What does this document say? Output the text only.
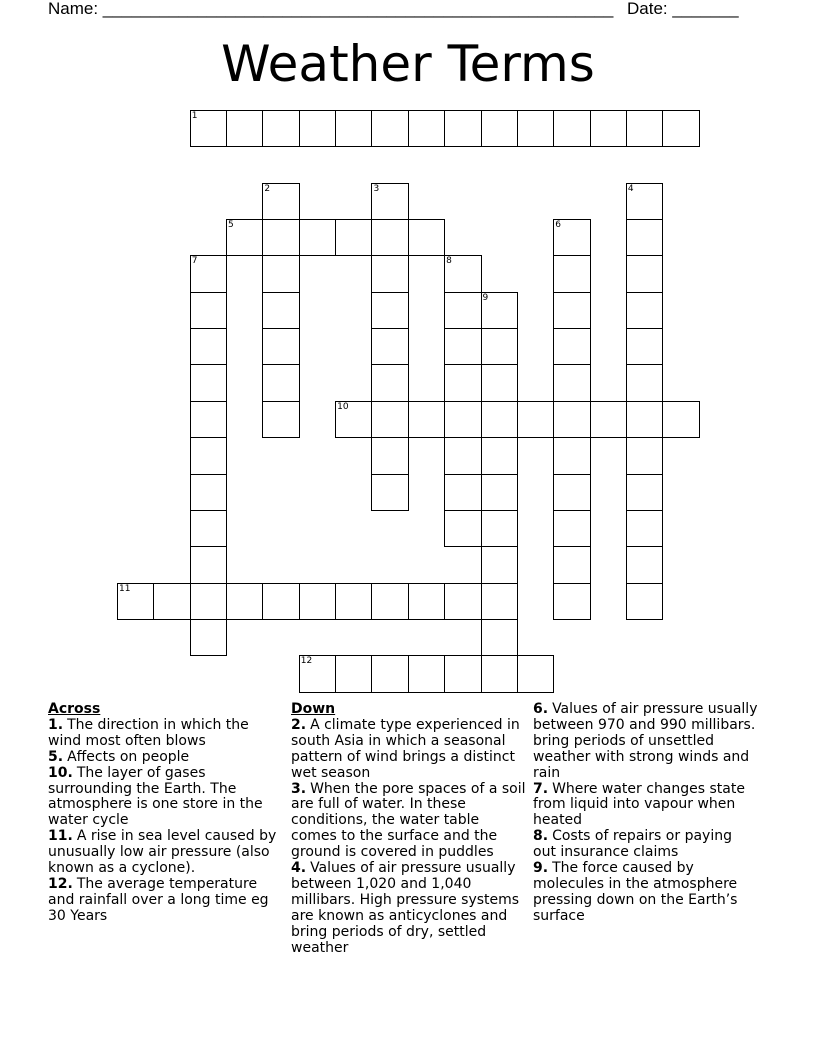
Name: ______________________________________________________ Date: _______
Weather Terms
1
2	3	4
5	6
7	8
9
10
11
12
Across
1. The direction in which the wind most often blows
5. Affects on people
10. The layer of gases surrounding the Earth. The atmosphere is one store in the water cycle
11. A rise in sea level caused by unusually low air pressure (also known as a cyclone).
12. The average temperature and rainfall over a long time eg 30 Years
Down
2. A climate type experienced in south Asia in which a seasonal pattern of wind brings a distinct wet season
3. When the pore spaces of a soil are full of water. In these conditions, the water table comes to the surface and the ground is covered in puddles
4. Values of air pressure usually between 1,020 and 1,040 millibars. High pressure systems are known as anticyclones and bring periods of dry, settled weather
6. Values of air pressure usually between 970 and 990 millibars. bring periods of unsettled weather with strong winds and rain
7. Where water changes state from liquid into vapour when heated
8. Costs of repairs or paying out insurance claims
9. The force caused by molecules in the atmosphere pressing down on the Earth’s surface
